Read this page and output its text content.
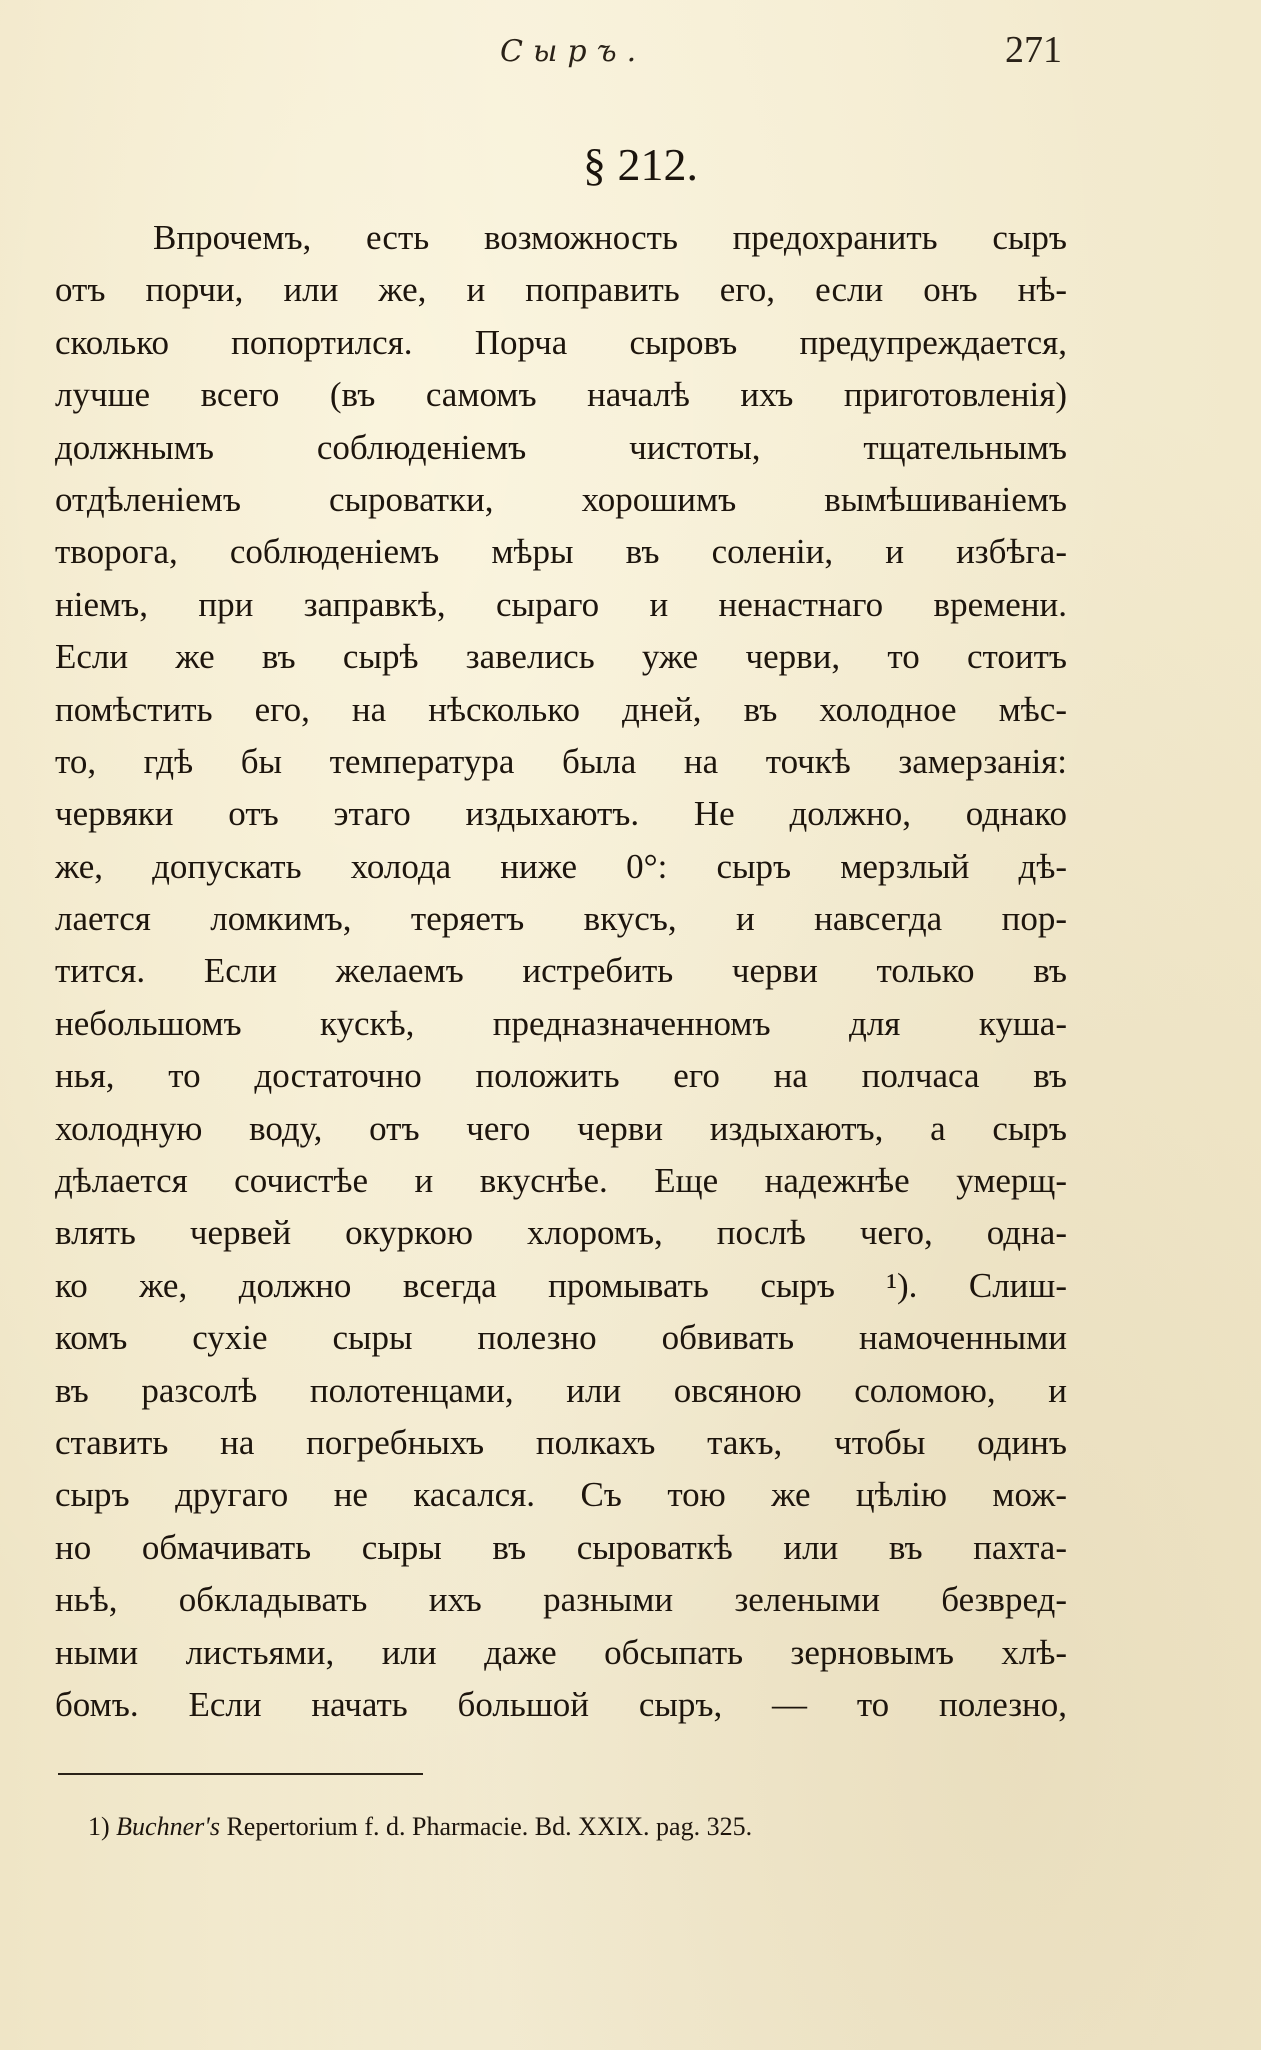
Сыръ.	271
§ 212.
Впрочемъ, есть возможность предохранить сыръ
отъ порчи, или же, и поправить его, если онъ нѣ-
сколько попортился. Порча сыровъ предупреждается,
лучше всего (въ самомъ началѣ ихъ приготовленія)
должнымъ соблюденіемъ чистоты, тщательнымъ
отдѣленіемъ сыроватки, хорошимъ вымѣшиваніемъ
творога, соблюденіемъ мѣры въ соленіи, и избѣга-
ніемъ, при заправкѣ, сыраго и ненастнаго времени.
Если же въ сырѣ завелись уже черви, то стоитъ
помѣстить его, на нѣсколько дней, въ холодное мѣс-
то, гдѣ бы температура была на точкѣ замерзанія:
червяки отъ этаго издыхаютъ. Не должно, однако
же, допускать холода ниже 0°: сыръ мерзлый дѣ-
лается ломкимъ, теряетъ вкусъ, и навсегда пор-
тится. Если желаемъ истребить черви только въ
небольшомъ кускѣ, предназначенномъ для куша-
нья, то достаточно положить его на полчаса въ
холодную воду, отъ чего черви издыхаютъ, а сыръ
дѣлается сочистѣе и вкуснѣе. Еще надежнѣе умерщ-
влять червей окуркою хлоромъ, послѣ чего, одна-
ко же, должно всегда промывать сыръ ¹). Слиш-
комъ сухіе сыры полезно обвивать намоченными
въ разсолѣ полотенцами, или овсяною соломою, и
ставить на погребныхъ полкахъ такъ, чтобы одинъ
сыръ другаго не касался. Съ тою же цѣлію мож-
но обмачивать сыры въ сыроваткѣ или въ пахта-
ньѣ, обкладывать ихъ разными зелеными безвред-
ными листьями, или даже обсыпать зерновымъ хлѣ-
бомъ. Если начать большой сыръ, — то полезно,
1) Buchner's Repertorium f. d. Pharmacie. Bd. XXIX. pag. 325.
